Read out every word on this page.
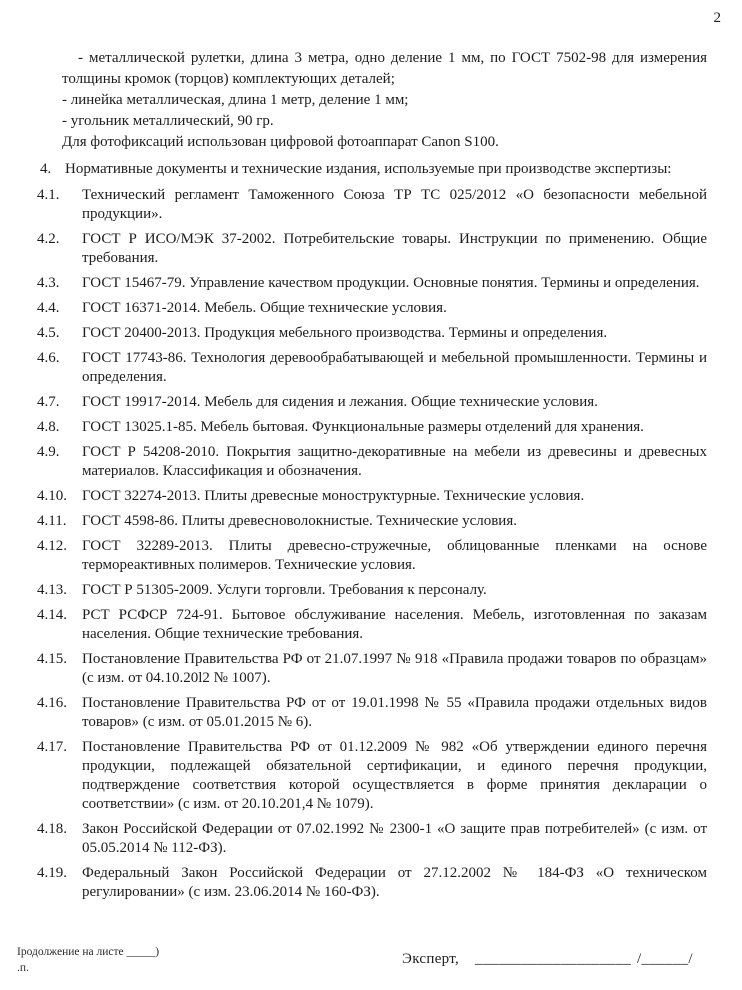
2

- металлической рулетки, длина 3 метра, одно деление 1 мм, по ГОСТ 7502-98 для измерения толщины кромок (торцов) комплектующих деталей;

- линейка металлическая, длина 1 метр, деление 1 мм;

- угольник металлический, 90 гр.

Для фотофиксаций использован цифровой фотоаппарат Canon S100.

4. Нормативные документы и технические издания, используемые при производстве экспертизы:
4.1.	Технический регламент Таможенного Союза ТР ТС 025/2012 «О безопасности мебельной продукции».
4.2.	ГОСТ Р ИСО/МЭК 37-2002. Потребительские товары. Инструкции по применению. Общие требования.
4.3.	ГОСТ 15467-79. Управление качеством продукции. Основные понятия. Термины и определения.
4.4.	ГОСТ 16371-2014. Мебель. Общие технические условия.
4.5.	ГОСТ 20400-2013. Продукция мебельного производства. Термины и определения.
4.6.	ГОСТ 17743-86. Технология деревообрабатывающей и мебельной промышленности. Термины и определения.
4.7.	ГОСТ 19917-2014. Мебель для сидения и лежания. Общие технические условия.
4.8.	ГОСТ 13025.1-85. Мебель бытовая. Функциональные размеры отделений для хранения.
4.9.	ГОСТ Р 54208-2010. Покрытия защитно-декоративные на мебели из древесины и древесных материалов. Классификация и обозначения.
4.10.	ГОСТ 32274-2013. Плиты древесные моноструктурные. Технические условия.
4.11.	ГОСТ 4598-86. Плиты древесноволокнистые. Технические условия.
4.12.	ГОСТ 32289-2013. Плиты древесно-стружечные, облицованные пленками на основе термореактивных полимеров. Технические условия.
4.13.	ГОСТ Р 51305-2009. Услуги торговли. Требования к персоналу.
4.14.	РСТ РСФСР 724-91. Бытовое обслуживание населения. Мебель, изготовленная по заказам населения. Общие технические требования.
4.15.	Постановление Правительства РФ от 21.07.1997 № 918 «Правила продажи товаров по образцам» (с изм. от 04.10.20l2 № 1007).
4.16.	Постановление Правительства РФ от от 19.01.1998 № 55 «Правила продажи отдельных видов товаров» (с изм. от 05.01.2015 № 6).
4.17.	Постановление Правительства РФ от 01.12.2009 № 982 «Об утверждении единого перечня продукции, подлежащей обязательной сертификации, и единого перечня продукции, подтверждение соответствия которой осуществляется в форме принятия декларации о соответствии» (с изм. от 20.10.201,4 № 1079).
4.18.	Закон Российской Федерации от 07.02.1992 № 2300-1 «О защите прав потребителей» (с изм. от 05.05.2014 № 112-ФЗ).
4.19.	Федеральный Закон Российской Федерации от 27.12.2002 № 184-ФЗ «О техническом регулировании» (с изм. 23.06.2014 № 160-ФЗ).
Iродолжение на листе _____)
.п.
Эксперт, ____________________ /______/
